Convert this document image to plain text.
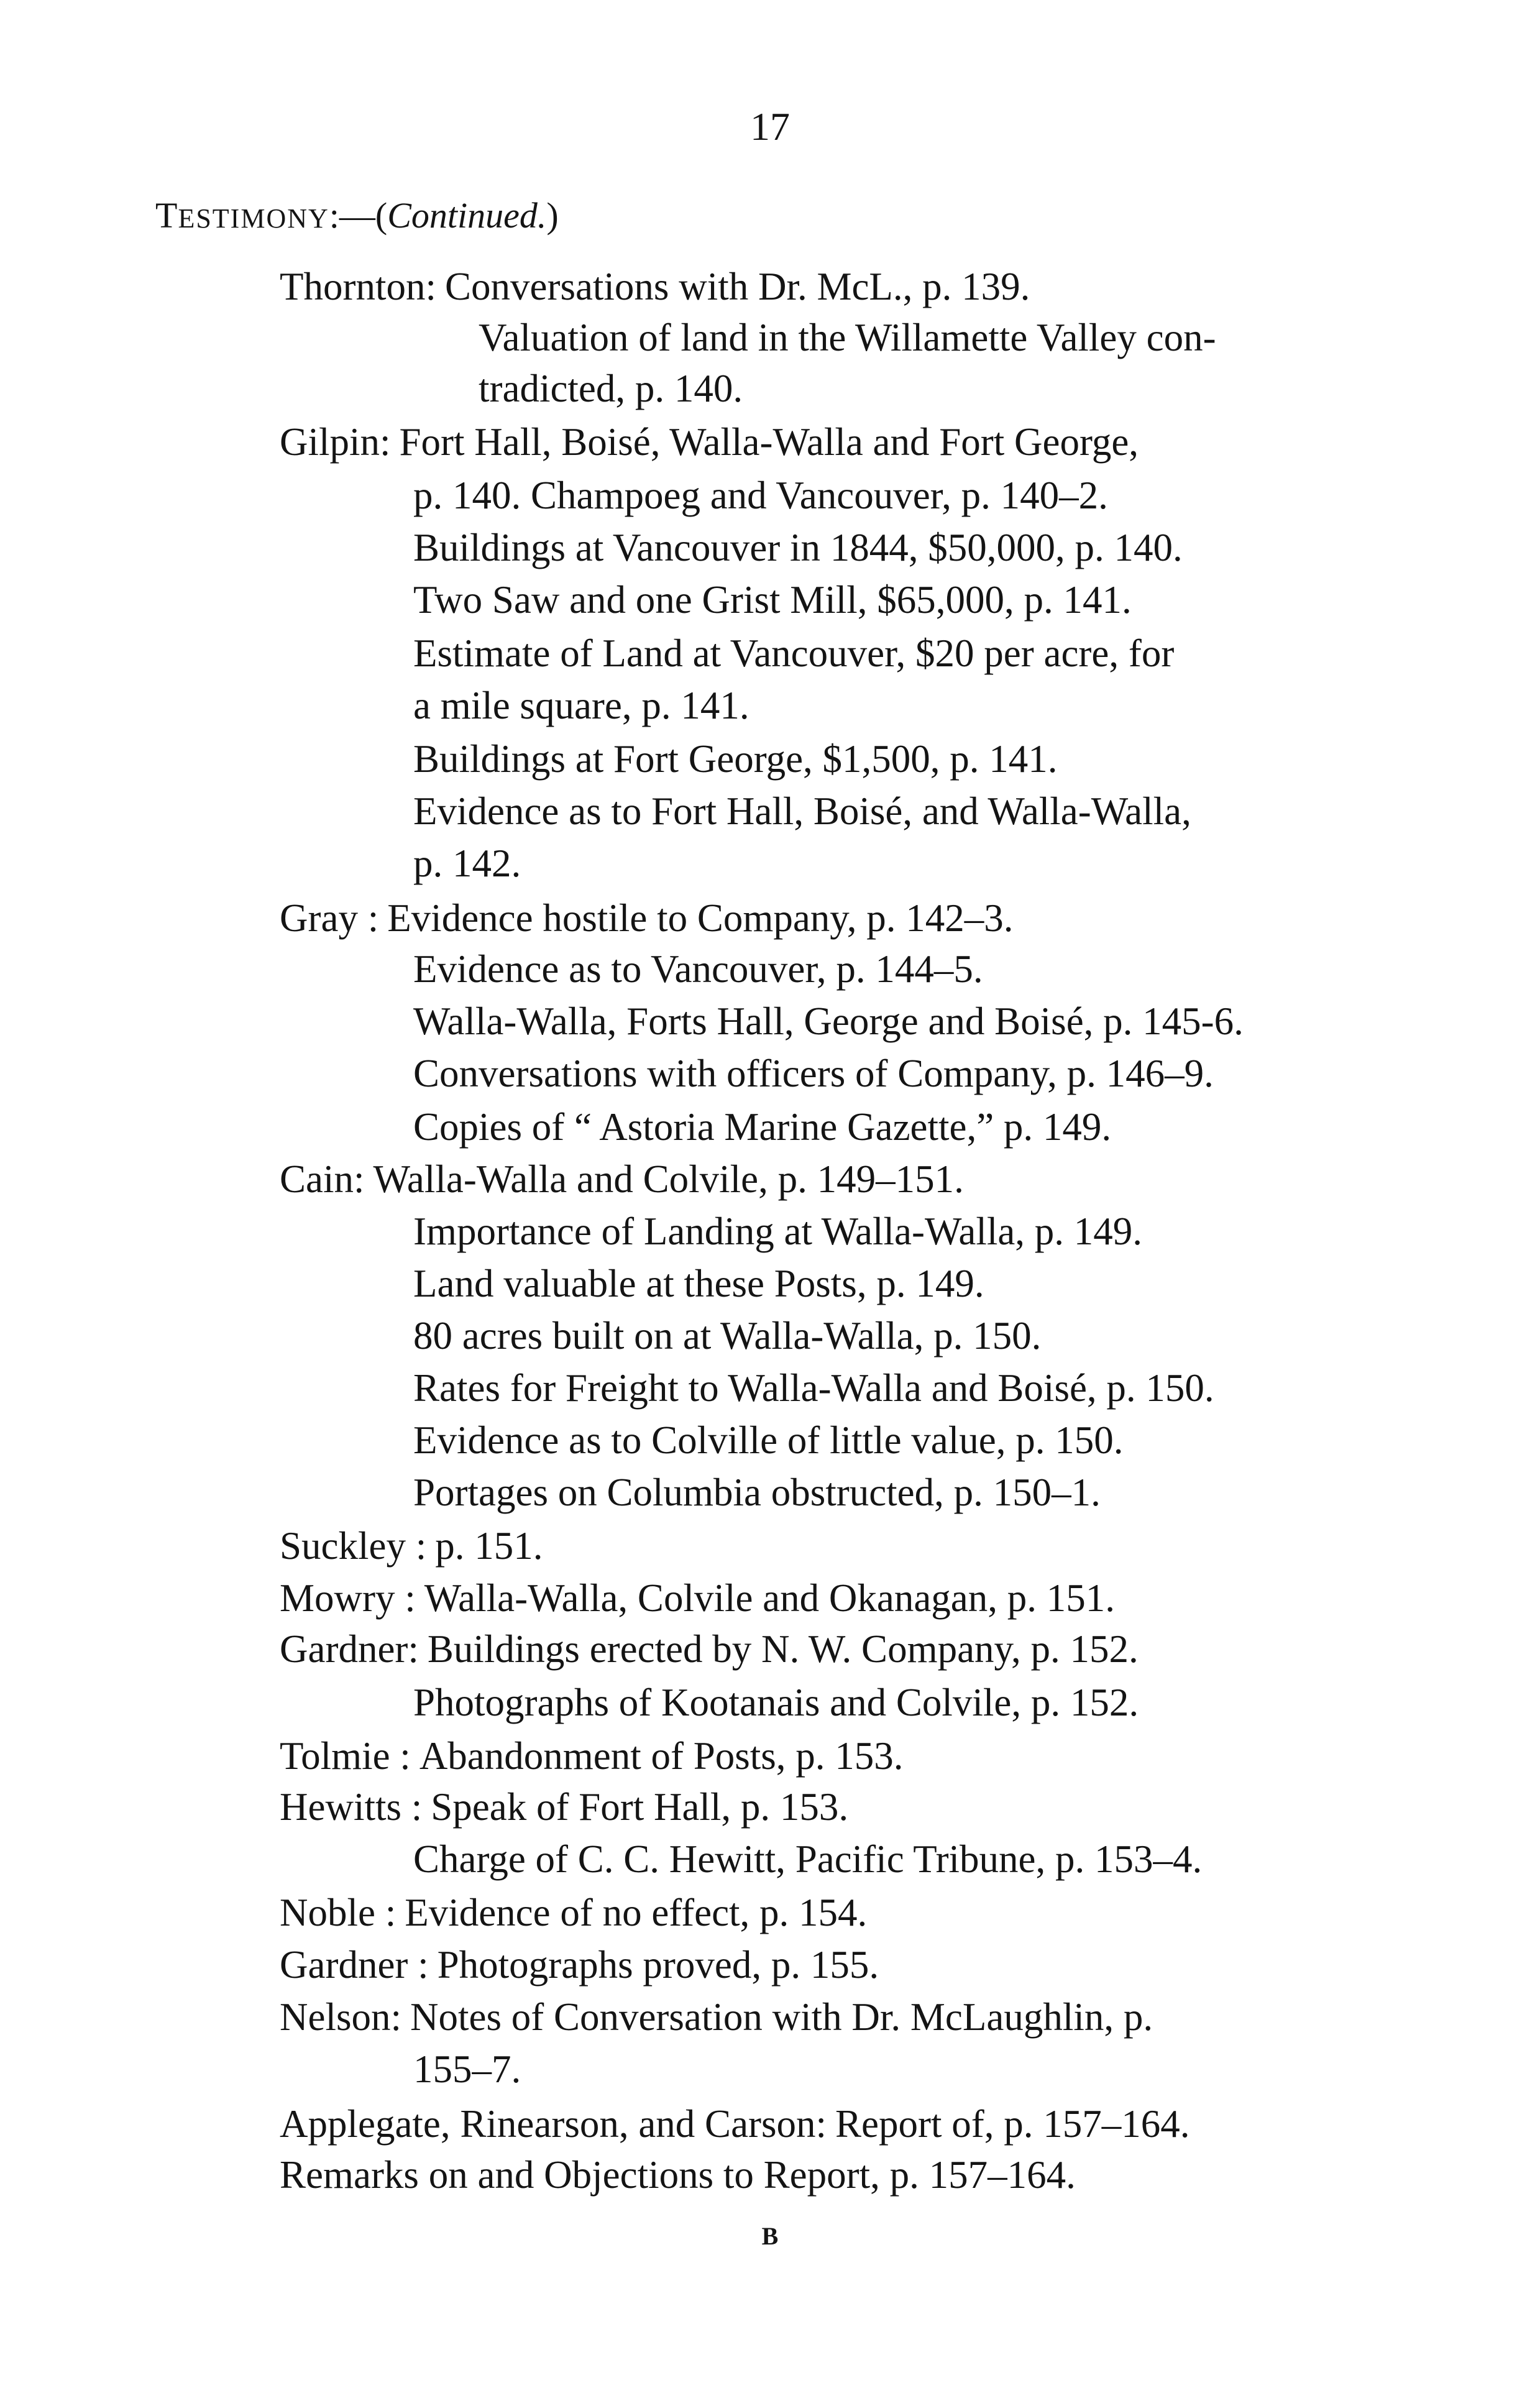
17
TESTIMONY:—(Continued.)
Thornton: Conversations with Dr. McL., p. 139.
Valuation of land in the Willamette Valley con-
tradicted, p. 140.
Gilpin: Fort Hall, Boisé, Walla-Walla and Fort George,
p. 140. Champoeg and Vancouver, p. 140–2.
Buildings at Vancouver in 1844, $50,000, p. 140.
Two Saw and one Grist Mill, $65,000, p. 141.
Estimate of Land at Vancouver, $20 per acre, for
a mile square, p. 141.
Buildings at Fort George, $1,500, p. 141.
Evidence as to Fort Hall, Boisé, and Walla-Walla,
p. 142.
Gray : Evidence hostile to Company, p. 142–3.
Evidence as to Vancouver, p. 144–5.
Walla-Walla, Forts Hall, George and Boisé, p. 145-6.
Conversations with officers of Company, p. 146–9.
Copies of “ Astoria Marine Gazette,” p. 149.
Cain: Walla-Walla and Colvile, p. 149–151.
Importance of Landing at Walla-Walla, p. 149.
Land valuable at these Posts, p. 149.
80 acres built on at Walla-Walla, p. 150.
Rates for Freight to Walla-Walla and Boisé, p. 150.
Evidence as to Colville of little value, p. 150.
Portages on Columbia obstructed, p. 150–1.
Suckley : p. 151.
Mowry : Walla-Walla, Colvile and Okanagan, p. 151.
Gardner: Buildings erected by N. W. Company, p. 152.
Photographs of Kootanais and Colvile, p. 152.
Tolmie : Abandonment of Posts, p. 153.
Hewitts : Speak of Fort Hall, p. 153.
Charge of C. C. Hewitt, Pacific Tribune, p. 153–4.
Noble : Evidence of no effect, p. 154.
Gardner : Photographs proved, p. 155.
Nelson: Notes of Conversation with Dr. McLaughlin, p.
155–7.
Applegate, Rinearson, and Carson: Report of, p. 157–164.
Remarks on and Objections to Report, p. 157–164.
B
